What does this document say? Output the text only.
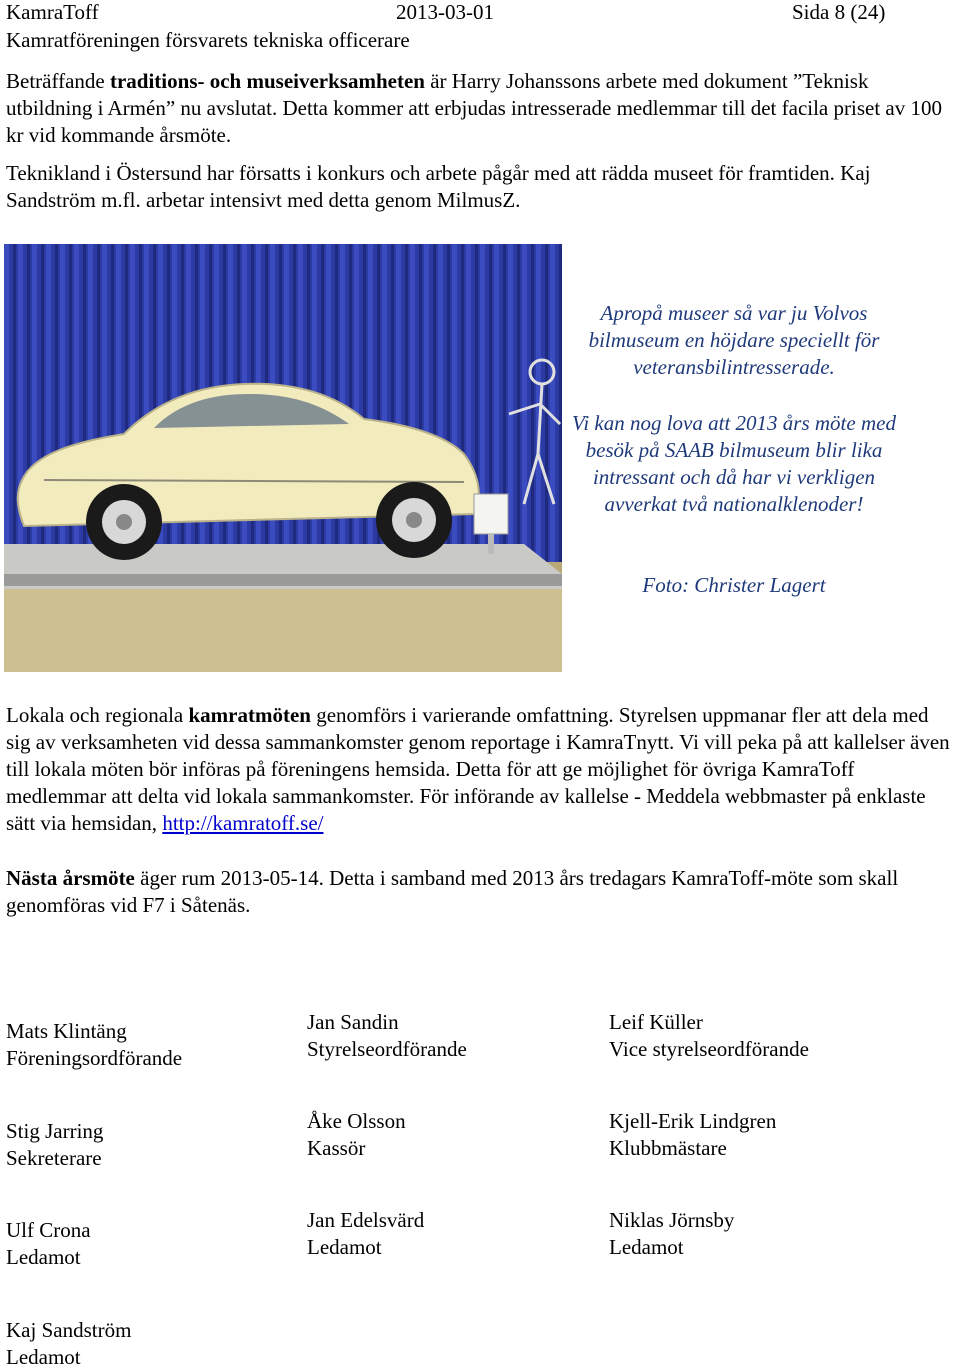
KamraToff	2013-03-01	Sida 8 (24)
Kamratföreningen försvarets tekniska officerare

Beträffande traditions- och museiverksamheten är Harry Johanssons arbete med dokument ”Teknisk utbildning i Armén” nu avslutat. Detta kommer att erbjudas intresserade medlemmar till det facila priset av 100 kr vid kommande årsmöte.

Teknikland i Östersund har försatts i konkurs och arbete pågår med att rädda museet för framtiden. Kaj Sandström m.fl. arbetar intensivt med detta genom MilmusZ.

Apropå museer så var ju Volvos bilmuseum en höjdare speciellt för veteransbilintresserade.

Vi kan nog lova att 2013 års möte med besök på SAAB bilmuseum blir lika intressant och då har vi verkligen avverkat två nationalklenoder!

Foto: Christer Lagert

Lokala och regionala kamratmöten genomförs i varierande omfattning. Styrelsen uppmanar fler att dela med sig av verksamheten vid dessa sammankomster genom reportage i KamraTnytt. Vi vill peka på att kallelser även till lokala möten bör införas på föreningens hemsida. Detta för att ge möjlighet för övriga KamraToff medlemmar att delta vid lokala sammankomster. För införande av kallelse - Meddela webbmaster på enklaste sätt via hemsidan, http://kamratoff.se/

Nästa årsmöte äger rum 2013-05-14. Detta i samband med 2013 års tredagars KamraToff-möte som skall genomföras vid F7 i Såtenäs.

Mats Klintäng
Föreningsordförande
Jan Sandin
Styrelseordförande
Leif Küller
Vice styrelseordförande
Stig Jarring
Sekreterare
Åke Olsson
Kassör
Kjell-Erik Lindgren
Klubbmästare
Ulf Crona
Ledamot
Jan Edelsvärd
Ledamot
Niklas Jörnsby
Ledamot
Kaj Sandström
Ledamot
